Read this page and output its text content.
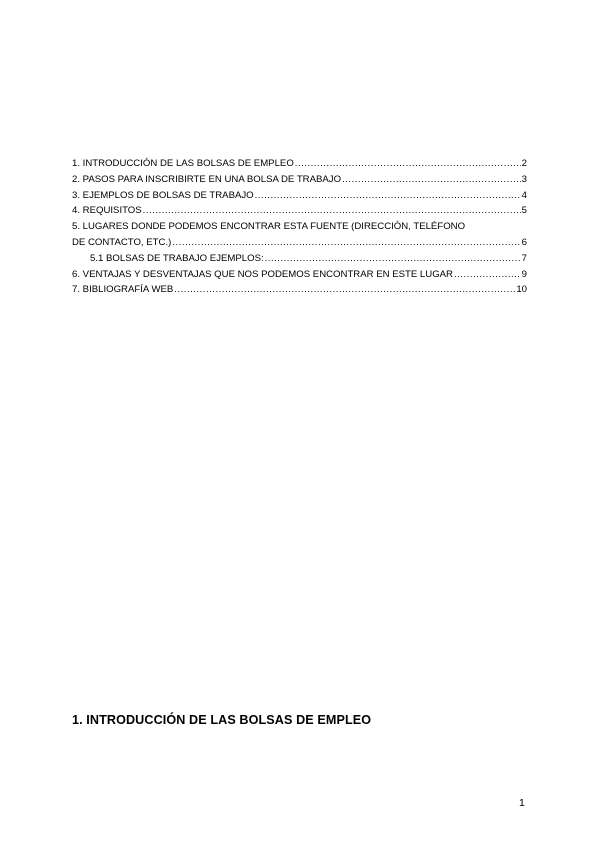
1. INTRODUCCIÓN DE LAS BOLSAS DE EMPLEO .....	2
2. PASOS PARA INSCRIBIRTE EN UNA BOLSA DE TRABAJO .....	3
3. EJEMPLOS DE BOLSAS DE TRABAJO .....	4
4. REQUISITOS .....	5
5. LUGARES DONDE PODEMOS ENCONTRAR ESTA FUENTE (DIRECCIÓN, TELÉFONO
DE CONTACTO, ETC.) .....	6
5.1 BOLSAS DE TRABAJO EJEMPLOS: .....	7
6. VENTAJAS Y DESVENTAJAS QUE NOS PODEMOS ENCONTRAR EN ESTE LUGAR .....	9
7. BIBLIOGRAFÍA WEB .....	10
1. INTRODUCCIÓN DE LAS BOLSAS DE EMPLEO
1
